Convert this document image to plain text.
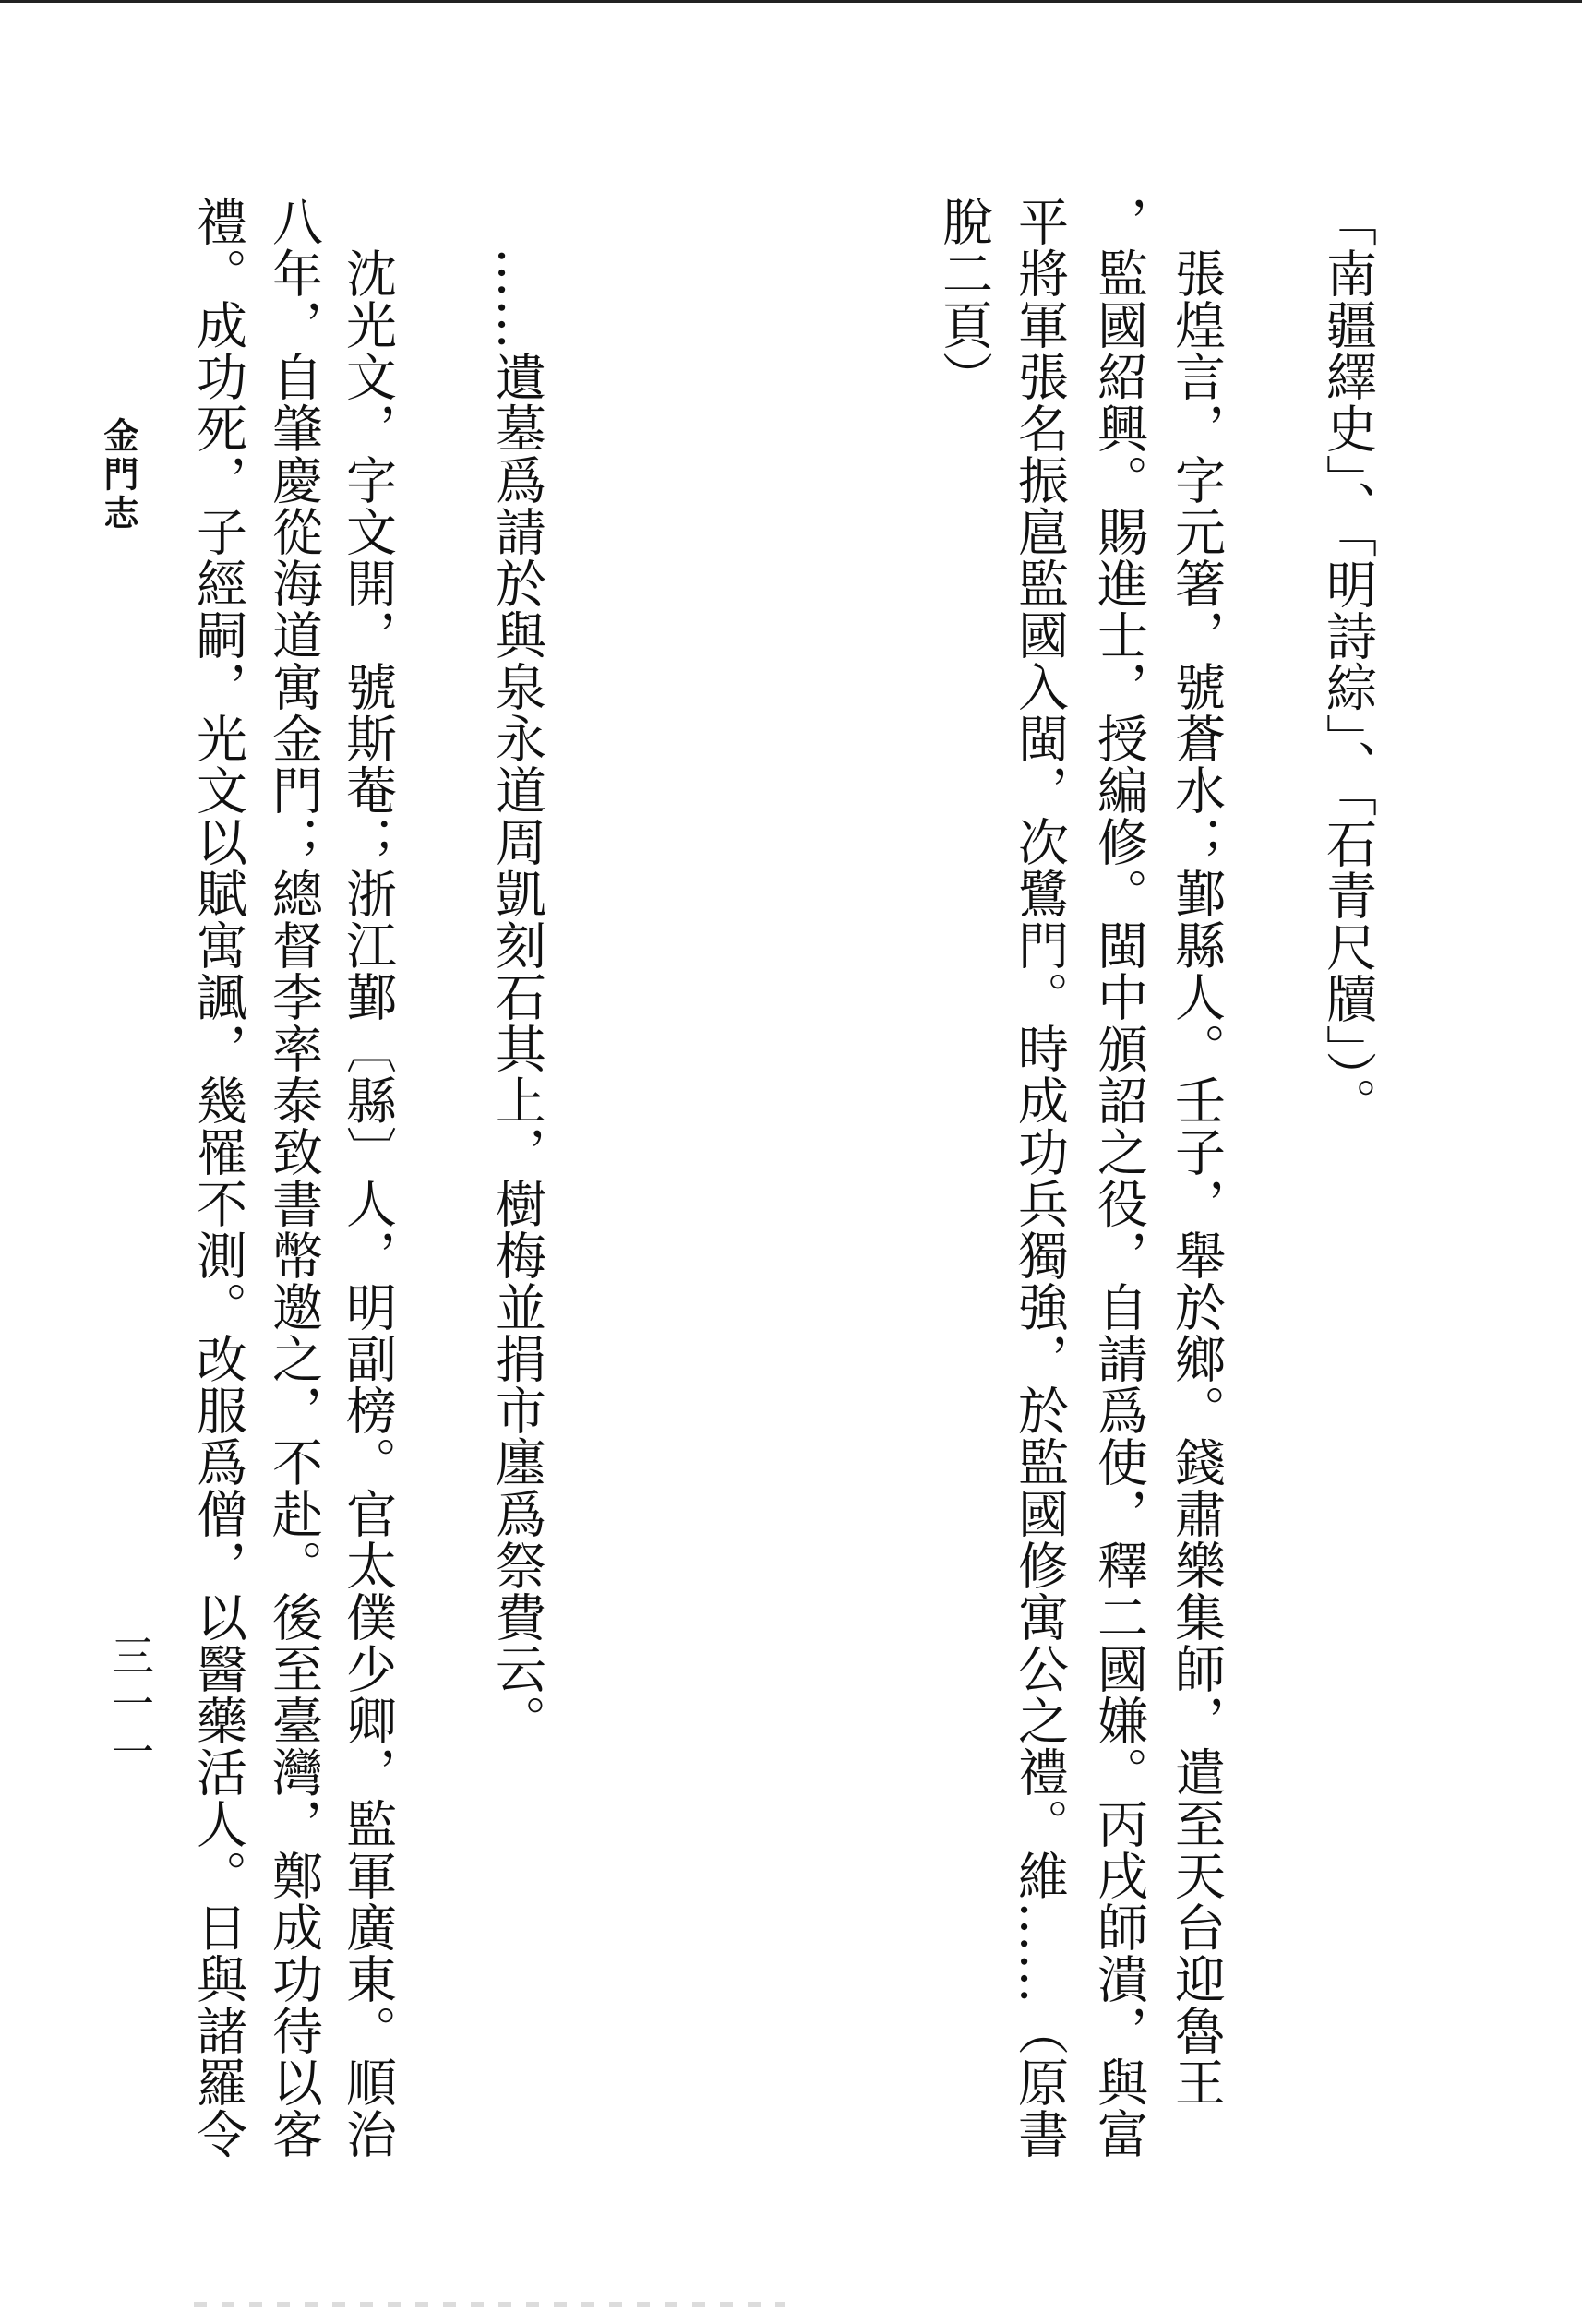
「南疆繹史」、「明詩綜」、「石青尺牘」）。
　張煌言，字元箸，號蒼水；鄞縣人。壬子，舉於鄉。錢肅樂集師，遣至天台迎魯王
，監國紹興。賜進士，授編修。閩中頒詔之役，自請爲使，釋二國嫌。丙戌師潰，與富
平將軍張名振扈監國入閩，次鷺門。時成功兵獨強，於監國修寓公之禮。維……（原書
脫二頁）
　……遺墓爲請於與泉永道周凱刻石其上，樹梅並捐市廛爲祭費云。
　沈光文，字文開，號斯菴；浙江鄞〔縣〕人，明副榜。官太僕少卿，監軍廣東。順治
八年，自肇慶從海道寓金門；總督李率泰致書幣邀之，不赴。後至臺灣，鄭成功待以客
禮。成功死，子經嗣，光文以賦寓諷，幾罹不測。改服爲僧，以醫藥活人。日與諸羅令
金門志
三一一
